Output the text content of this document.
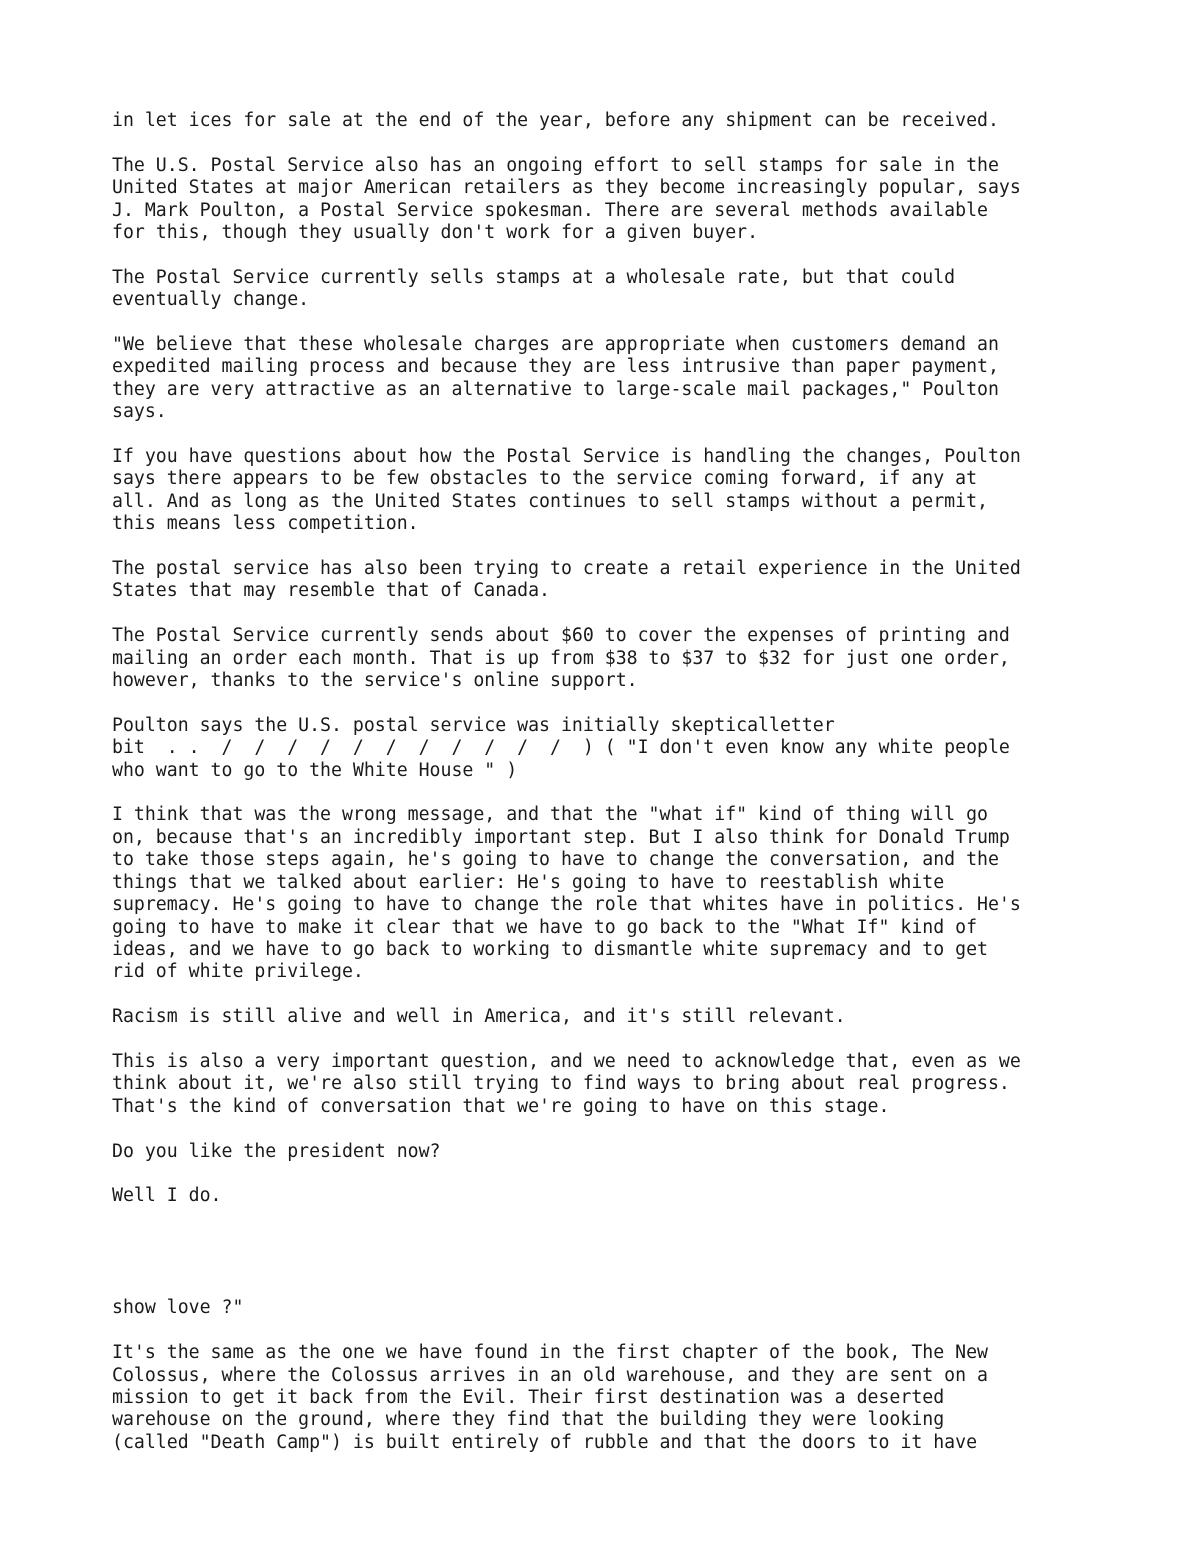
in let ices for sale at the end of the year, before any shipment can be received.

The U.S. Postal Service also has an ongoing effort to sell stamps for sale in the
United States at major American retailers as they become increasingly popular, says
J. Mark Poulton, a Postal Service spokesman. There are several methods available
for this, though they usually don't work for a given buyer.

The Postal Service currently sells stamps at a wholesale rate, but that could
eventually change.

"We believe that these wholesale charges are appropriate when customers demand an
expedited mailing process and because they are less intrusive than paper payment,
they are very attractive as an alternative to large-scale mail packages," Poulton
says.

If you have questions about how the Postal Service is handling the changes, Poulton
says there appears to be few obstacles to the service coming forward, if any at
all. And as long as the United States continues to sell stamps without a permit,
this means less competition.

The postal service has also been trying to create a retail experience in the United
States that may resemble that of Canada.

The Postal Service currently sends about $60 to cover the expenses of printing and
mailing an order each month. That is up from $38 to $37 to $32 for just one order,
however, thanks to the service's online support.

Poulton says the U.S. postal service was initially skepticalletter
bit  . .  /  /  /  /  /  /  /  /  /  /  /  ) ( "I don't even know any white people
who want to go to the White House " )

I think that was the wrong message, and that the "what if" kind of thing will go
on, because that's an incredibly important step. But I also think for Donald Trump
to take those steps again, he's going to have to change the conversation, and the
things that we talked about earlier: He's going to have to reestablish white
supremacy. He's going to have to change the role that whites have in politics. He's
going to have to make it clear that we have to go back to the "What If" kind of
ideas, and we have to go back to working to dismantle white supremacy and to get
rid of white privilege.

Racism is still alive and well in America, and it's still relevant.

This is also a very important question, and we need to acknowledge that, even as we
think about it, we're also still trying to find ways to bring about real progress.
That's the kind of conversation that we're going to have on this stage.

Do you like the president now?

Well I do.

show love ?"

It's the same as the one we have found in the first chapter of the book, The New
Colossus, where the Colossus arrives in an old warehouse, and they are sent on a
mission to get it back from the Evil. Their first destination was a deserted
warehouse on the ground, where they find that the building they were looking
(called "Death Camp") is built entirely of rubble and that the doors to it have
